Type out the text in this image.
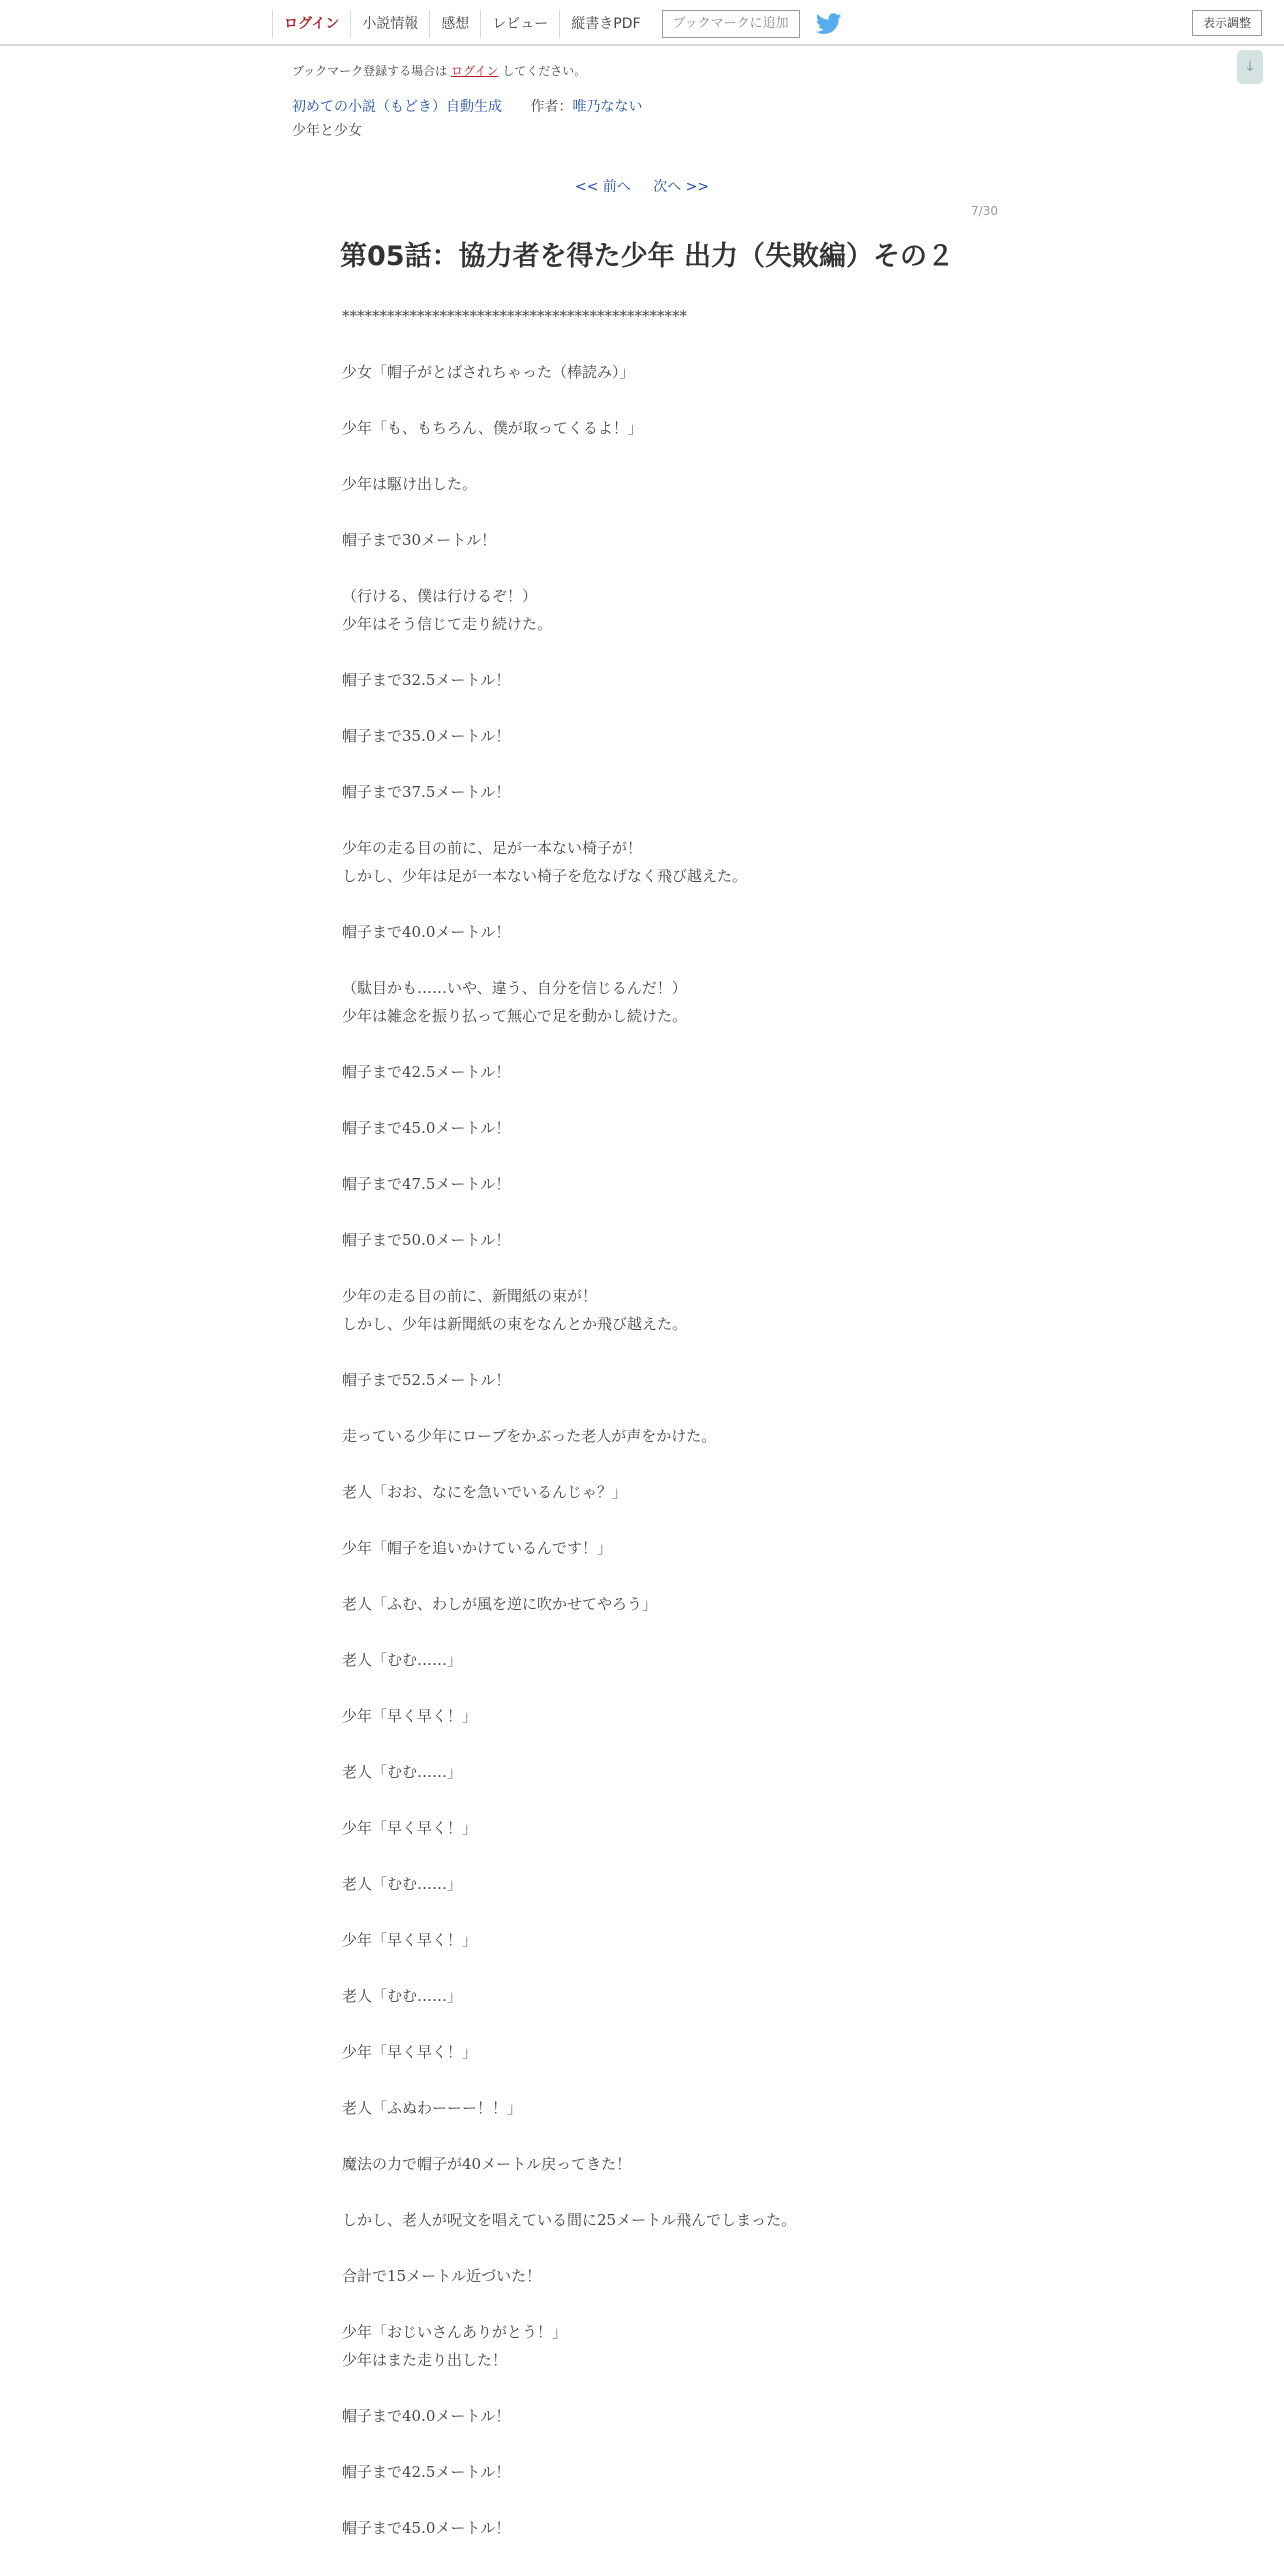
ログイン	小説情報	感想	レビュー	縦書きPDF	ブックマークに追加	表示調整
↓
ブックマーク登録する場合は ログイン してください。
初めての小説（もどき）自動生成 作者：唯乃なない
少年と少女
<< 前へ 次へ >>
7/30
第05話：協力者を得た少年 出力（失敗編）その２
**********************************************
少女「帽子がとばされちゃった（棒読み）」
少年「も、もちろん、僕が取ってくるよ！」
少年は駆け出した。
帽子まで30メートル！
（行ける、僕は行けるぞ！）
少年はそう信じて走り続けた。
帽子まで32.5メートル！
帽子まで35.0メートル！
帽子まで37.5メートル！
少年の走る目の前に、足が一本ない椅子が！
しかし、少年は足が一本ない椅子を危なげなく飛び越えた。
帽子まで40.0メートル！
（駄目かも……いや、違う、自分を信じるんだ！）
少年は雑念を振り払って無心で足を動かし続けた。
帽子まで42.5メートル！
帽子まで45.0メートル！
帽子まで47.5メートル！
帽子まで50.0メートル！
少年の走る目の前に、新聞紙の束が！
しかし、少年は新聞紙の束をなんとか飛び越えた。
帽子まで52.5メートル！
走っている少年にローブをかぶった老人が声をかけた。
老人「おお、なにを急いでいるんじゃ？」
少年「帽子を追いかけているんです！」
老人「ふむ、わしが風を逆に吹かせてやろう」
老人「むむ……」
少年「早く早く！」
老人「むむ……」
少年「早く早く！」
老人「むむ……」
少年「早く早く！」
老人「むむ……」
少年「早く早く！」
老人「ふぬわーーー！！」
魔法の力で帽子が40メートル戻ってきた！
しかし、老人が呪文を唱えている間に25メートル飛んでしまった。
合計で15メートル近づいた！
少年「おじいさんありがとう！」
少年はまた走り出した！
帽子まで40.0メートル！
帽子まで42.5メートル！
帽子まで45.0メートル！
